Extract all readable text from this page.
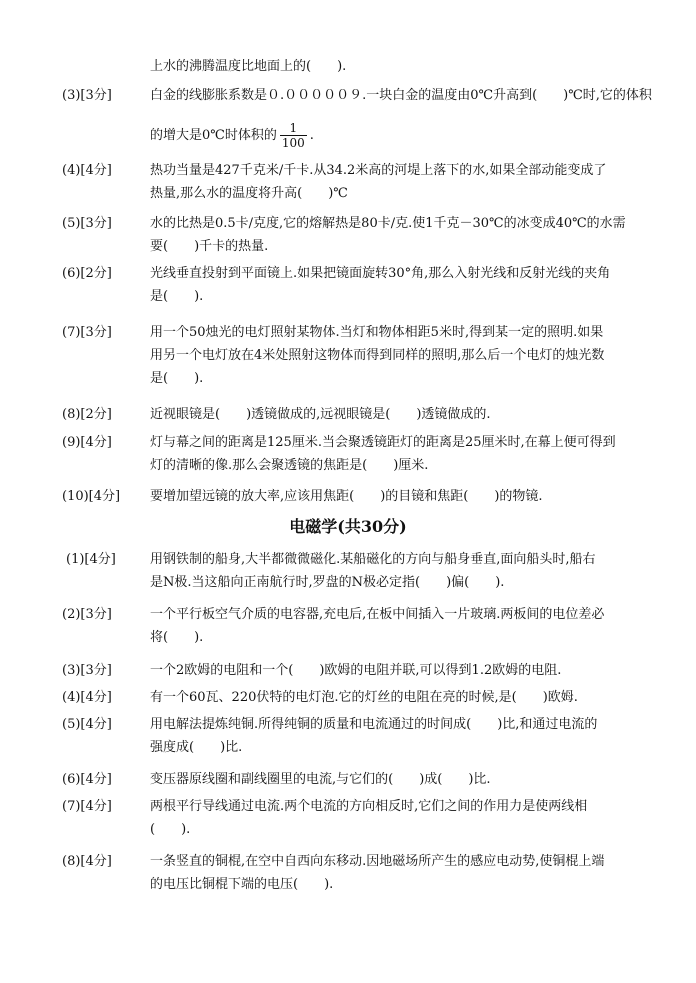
上水的沸腾温度比地面上的(　　).
(3)[3分]	白金的线膨胀系数是０.０００００９.一块白金的温度由0℃升高到(　　)℃时,它的体积
的增大是0℃时体积的 $\frac{1}{100}$ .
(4)[4分]	热功当量是427千克米/千卡.从34.2米高的河堤上落下的水,如果全部动能变成了
热量,那么水的温度将升高(　　)℃
(5)[3分]	水的比热是0.5卡/克度,它的熔解热是80卡/克.使1千克－30℃的冰变成40℃的水需
要(　　)千卡的热量.
(6)[2分]	光线垂直投射到平面镜上.如果把镜面旋转30°角,那么入射光线和反射光线的夹角
是(　　).
(7)[3分]	用一个50烛光的电灯照射某物体.当灯和物体相距5米时,得到某一定的照明.如果
用另一个电灯放在4米处照射这物体而得到同样的照明,那么后一个电灯的烛光数
是(　　).
(8)[2分]	近视眼镜是(　　)透镜做成的,远视眼镜是(　　)透镜做成的.
(9)[4分]	灯与幕之间的距离是125厘米.当会聚透镜距灯的距离是25厘米时,在幕上便可得到
灯的清晰的像.那么会聚透镜的焦距是(　　)厘米.
(10)[4分] 要增加望远镜的放大率,应该用焦距(　　)的目镜和焦距(　　)的物镜.
电磁学(共30分)
(1)[4分]	用钢铁制的船身,大半都微微磁化.某船磁化的方向与船身垂直,面向船头时,船右
是N极.当这船向正南航行时,罗盘的N极必定指(　　)偏(　　).
(2)[3分]	一个平行板空气介质的电容器,充电后,在板中间插入一片玻璃.两板间的电位差必
将(　　).
(3)[3分]	一个2欧姆的电阻和一个(　　)欧姆的电阻并联,可以得到1.2欧姆的电阻.
(4)[4分]	有一个60瓦、220伏特的电灯泡.它的灯丝的电阻在亮的时候,是(　　)欧姆.
(5)[4分]	用电解法提炼纯铜.所得纯铜的质量和电流通过的时间成(　　)比,和通过电流的
强度成(　　)比.
(6)[4分]	变压器原线圈和副线圈里的电流,与它们的(　　)成(　　)比.
(7)[4分]	两根平行导线通过电流.两个电流的方向相反时,它们之间的作用力是使两线相
(　　).
(8)[4分]	一条竖直的铜棍,在空中自西向东移动.因地磁场所产生的感应电动势,使铜棍上端
的电压比铜棍下端的电压(　　).
